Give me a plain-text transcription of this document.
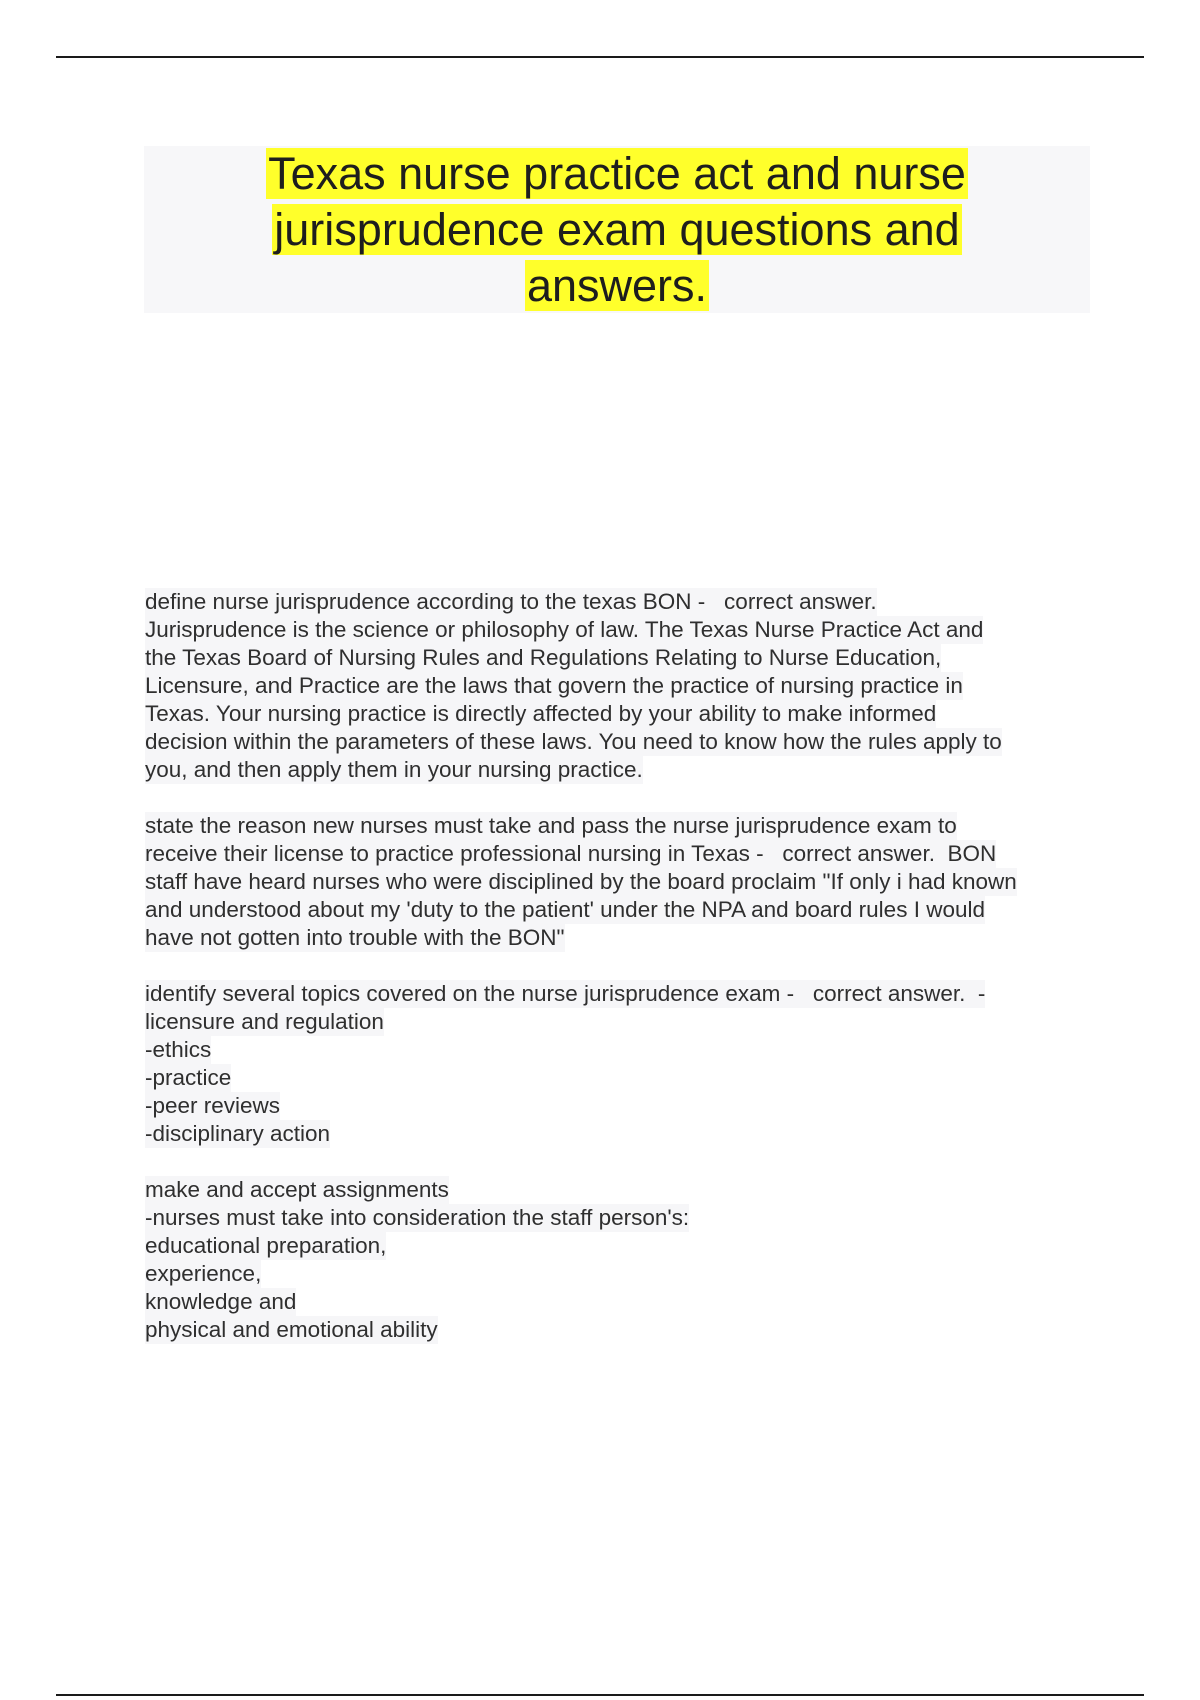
Texas nurse practice act and nurse
jurisprudence exam questions and
answers.
define nurse jurisprudence according to the texas BON -   correct answer.
Jurisprudence is the science or philosophy of law. The Texas Nurse Practice Act and
the Texas Board of Nursing Rules and Regulations Relating to Nurse Education,
Licensure, and Practice are the laws that govern the practice of nursing practice in
Texas. Your nursing practice is directly affected by your ability to make informed
decision within the parameters of these laws. You need to know how the rules apply to
you, and then apply them in your nursing practice.
state the reason new nurses must take and pass the nurse jurisprudence exam to
receive their license to practice professional nursing in Texas -   correct answer.  BON
staff have heard nurses who were disciplined by the board proclaim "If only i had known
and understood about my 'duty to the patient' under the NPA and board rules I would
have not gotten into trouble with the BON"
identify several topics covered on the nurse jurisprudence exam -   correct answer.  -
licensure and regulation
-ethics
-practice
-peer reviews
-disciplinary action
make and accept assignments
-nurses must take into consideration the staff person's:
educational preparation,
experience,
knowledge and
physical and emotional ability
